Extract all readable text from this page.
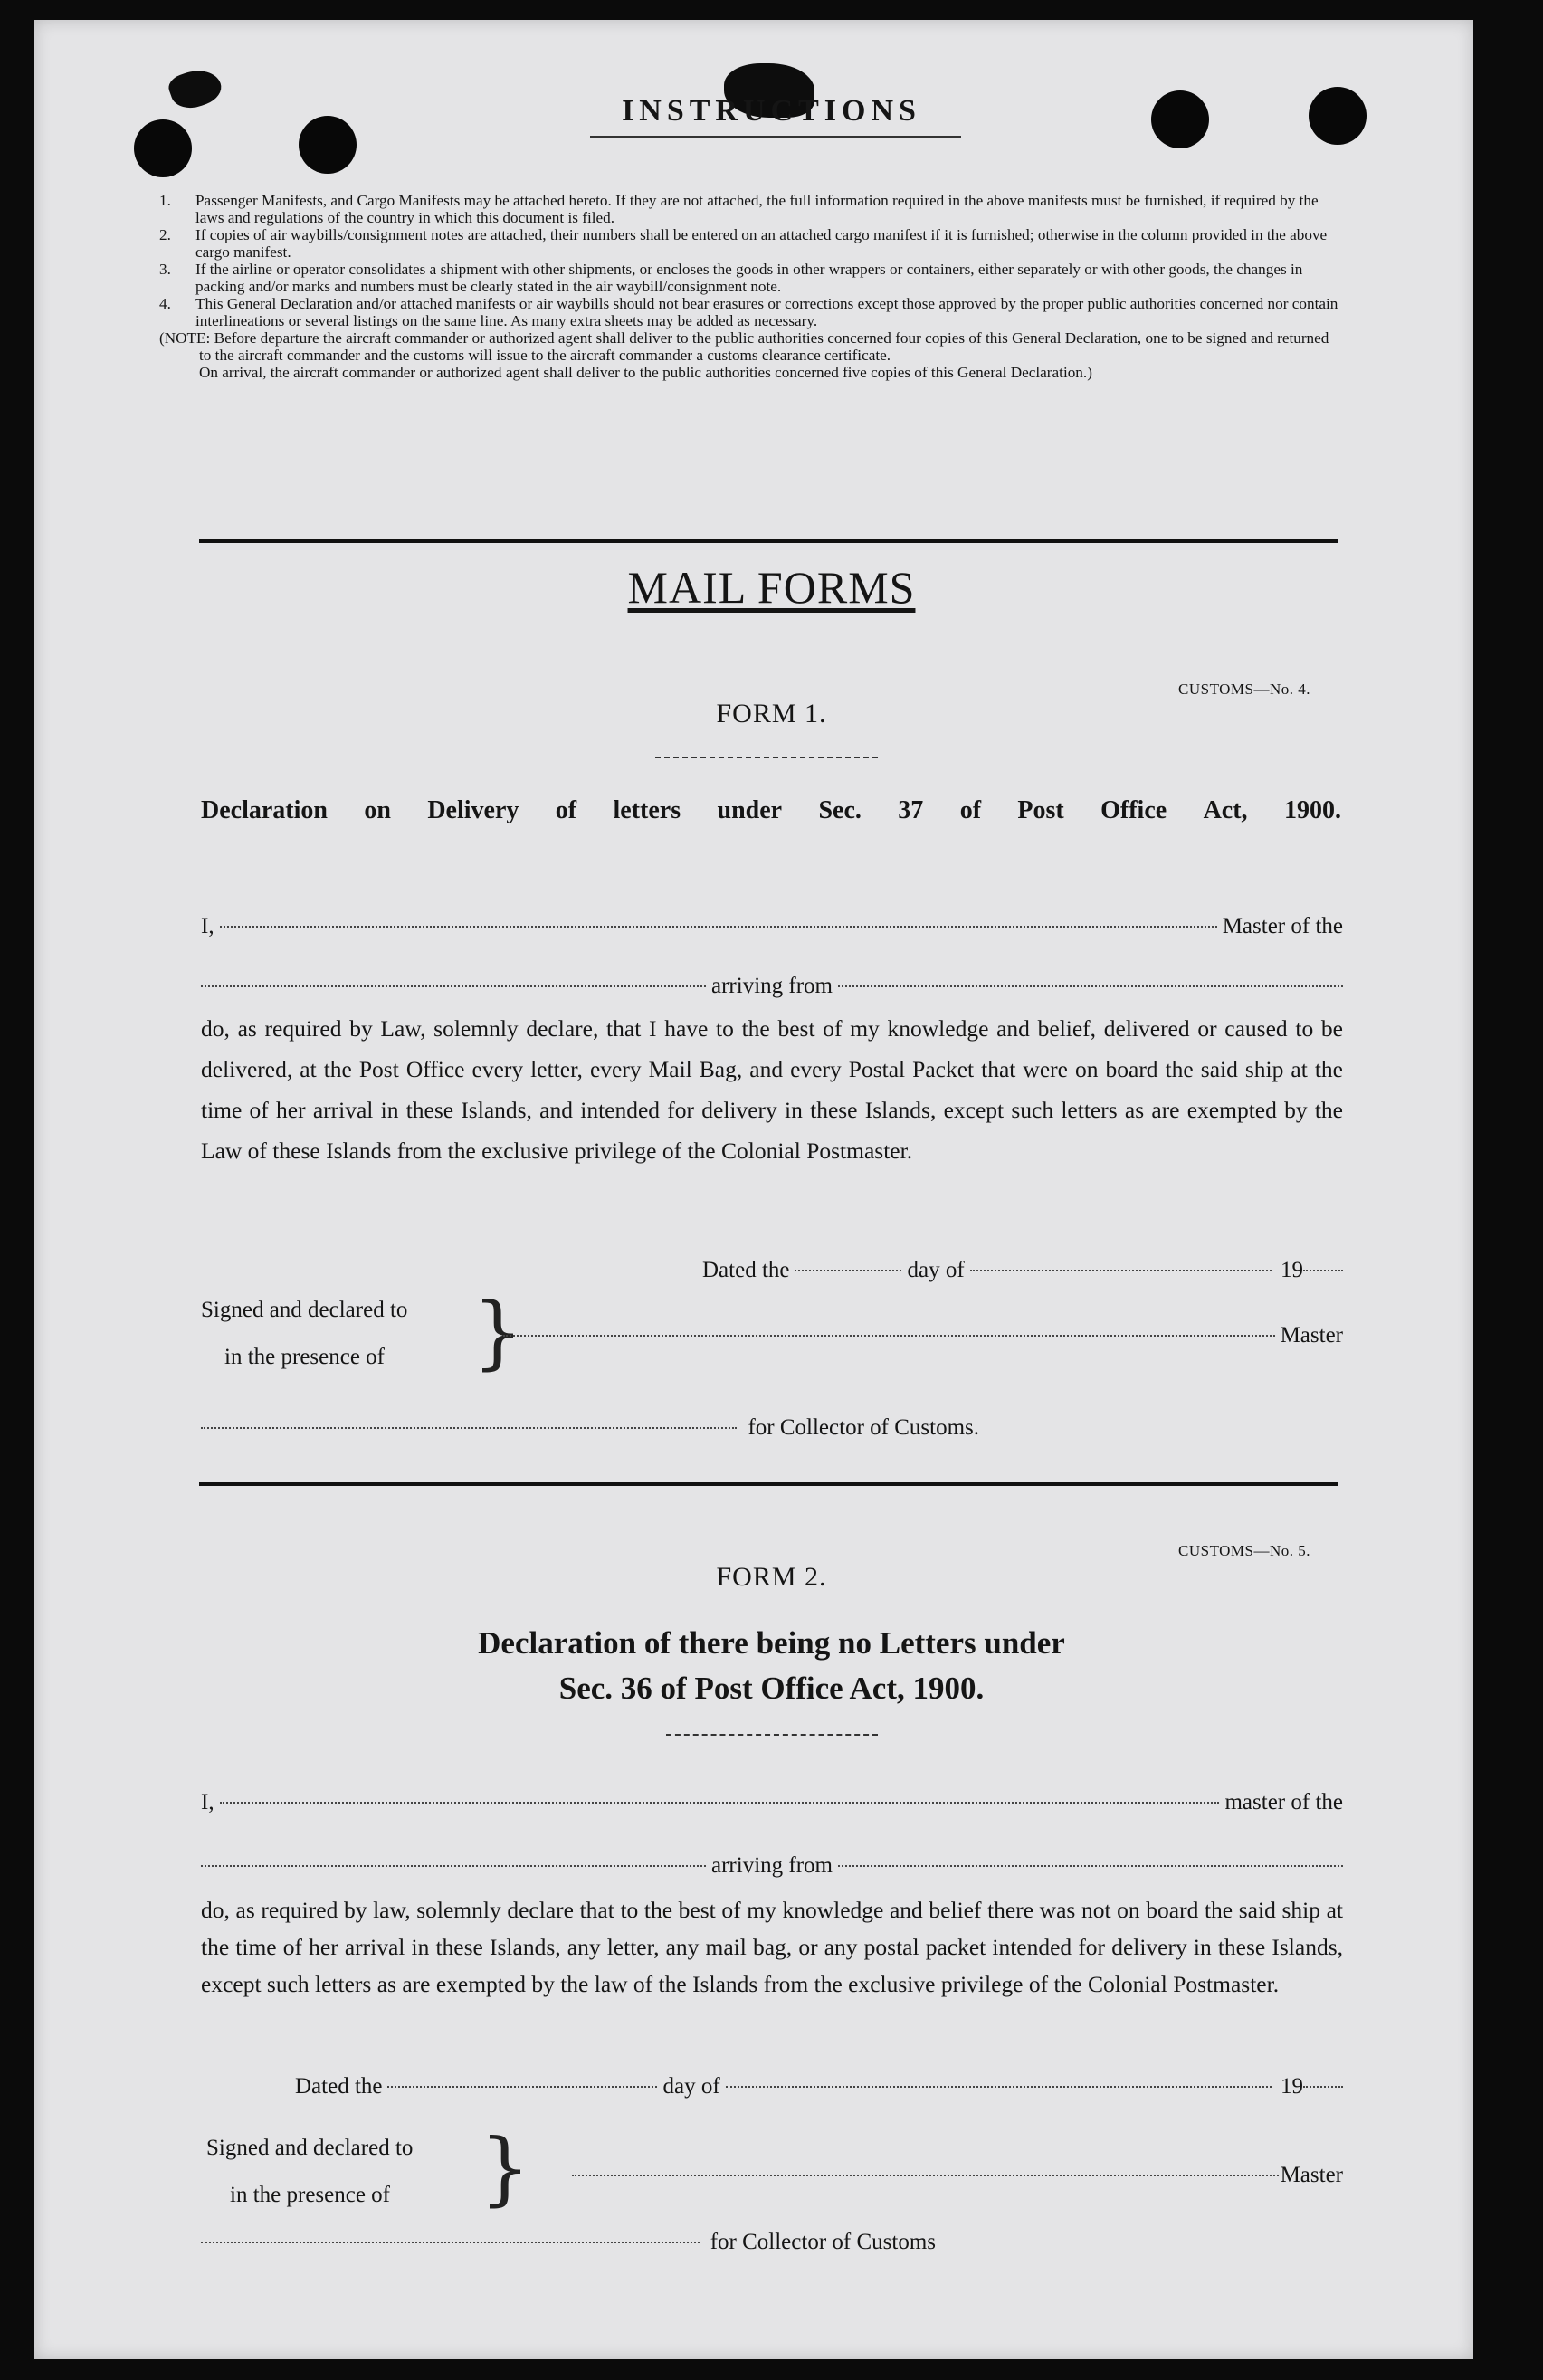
INSTRUCTIONS
1. Passenger Manifests, and Cargo Manifests may be attached hereto. If they are not attached, the full information required in the above manifests must be furnished, if required by the laws and regulations of the country in which this document is filed.
2. If copies of air waybills/consignment notes are attached, their numbers shall be entered on an attached cargo manifest if it is furnished; otherwise in the column provided in the above cargo manifest.
3. If the airline or operator consolidates a shipment with other shipments, or encloses the goods in other wrappers or containers, either separately or with other goods, the changes in packing and/or marks and numbers must be clearly stated in the air waybill/consignment note.
4. This General Declaration and/or attached manifests or air waybills should not bear erasures or corrections except those approved by the proper public authorities concerned nor contain interlineations or several listings on the same line. As many extra sheets may be added as necessary.

(NOTE: Before departure the aircraft commander or authorized agent shall deliver to the public authorities concerned four copies of this General Declaration, one to be signed and returned to the aircraft commander and the customs will issue to the aircraft commander a customs clearance certificate.

On arrival, the aircraft commander or authorized agent shall deliver to the public authorities concerned five copies of this General Declaration.)

MAIL FORMS
CUSTOMS—No. 4.
FORM 1.
Declaration on Delivery of letters under Sec. 37 of Post Office Act, 1900.
I,	Master of the
arriving from
do, as required by Law, solemnly declare, that I have to the best of my knowledge and belief, delivered or caused to be delivered, at the Post Office every letter, every Mail Bag, and every Postal Packet that were on board the said ship at the time of her arrival in these Islands, and intended for delivery in these Islands, except such letters as are exempted by the Law of these Islands from the exclusive privilege of the Colonial Postmaster.
Dated the	day of	19
Signed and declared to
in the presence of }	Master
for Collector of Customs.
CUSTOMS—No. 5.
FORM 2.
Declaration of there being no Letters under
Sec. 36 of Post Office Act, 1900.
I,	master of the
arriving from
do, as required by law, solemnly declare that to the best of my knowledge and belief there was not on board the said ship at the time of her arrival in these Islands, any letter, any mail bag, or any postal packet intended for delivery in these Islands, except such letters as are exempted by the law of the Islands from the exclusive privilege of the Colonial Postmaster.
Dated the	day of	19
Signed and declared to
in the presence of }	Master
for Collector of Customs
